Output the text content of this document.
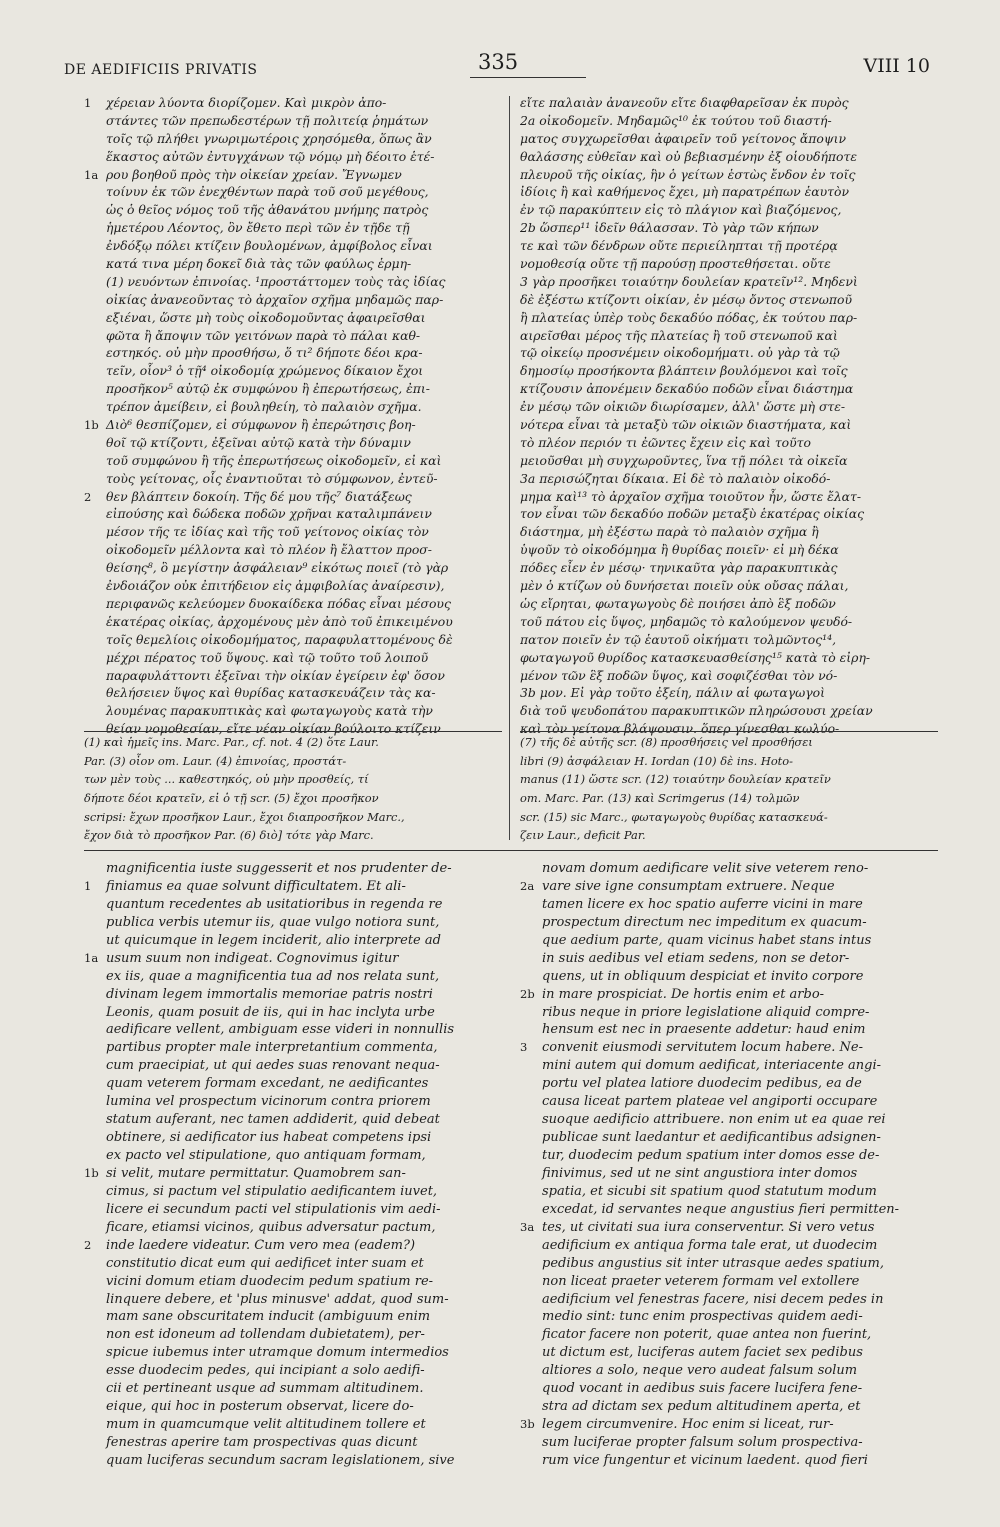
DE AEDIFICIIS PRIVATIS	335	VIII 10
1 χέρειαν λύοντα διορίζομεν. Καὶ μικρὸν ἀπο-
στάντες τῶν πρεπωδεστέρων τῇ πολιτείᾳ ῥημάτων
τοῖς τῷ πλήθει γνωριμωτέροις χρησόμεθα, ὅπως ἂν
ἕκαστος αὐτῶν ἐντυγχάνων τῷ νόμῳ μὴ δέοιτο ἑτέ-
1a ρου βοηθοῦ πρὸς τὴν οἰκείαν χρείαν. Ἔγνωμεν
τοίνυν ἐκ τῶν ἐνεχθέντων παρὰ τοῦ σοῦ μεγέθους,
ὡς ὁ θεῖος νόμος τοῦ τῆς ἀθανάτου μνήμης πατρὸς
ἡμετέρου Λέοντος, ὃν ἔθετο περὶ τῶν ἐν τῇδε τῇ
ἐνδόξῳ πόλει κτίζειν βουλομένων, ἀμφίβολος εἶναι
κατά τινα μέρη δοκεῖ διὰ τὰς τῶν φαύλως ἑρμη-
(1) νευόντων ἐπινοίας. ¹προστάττομεν τοὺς τὰς ἰδίας
οἰκίας ἀνανεοῦντας τὸ ἀρχαῖον σχῆμα μηδαμῶς παρ-
εξιέναι, ὥστε μὴ τοὺς οἰκοδομοῦντας ἀφαιρεῖσθαι
φῶτα ἢ ἄποψιν τῶν γειτόνων παρὰ τὸ πάλαι καθ-
εστηκός. οὐ μὴν προσθήσω, ὅ τι² δήποτε δέοι κρα-
τεῖν, οἷον³ ὁ τῇ⁴ οἰκοδομίᾳ χρώμενος δίκαιον ἔχοι
προσῆκον⁵ αὐτῷ ἐκ συμφώνου ἢ ἐπερωτήσεως, ἐπι-
τρέπον ἀμείβειν, εἰ βουληθείη, τὸ παλαιὸν σχῆμα.
1b Διὸ⁶ θεσπίζομεν, εἰ σύμφωνον ἢ ἐπερώτησις βοη-
θοῖ τῷ κτίζοντι, ἐξεῖναι αὐτῷ κατὰ τὴν δύναμιν
τοῦ συμφώνου ἢ τῆς ἐπερωτήσεως οἰκοδομεῖν, εἰ καὶ
τοὺς γείτονας, οἷς ἐναντιοῦται τὸ σύμφωνον, ἐντεῦ-
2 θεν βλάπτειν δοκοίη. Τῆς δέ μου τῆς⁷ διατάξεως
εἰπούσης καὶ δώδεκα ποδῶν χρῆναι καταλιμπάνειν
μέσον τῆς τε ἰδίας καὶ τῆς τοῦ γείτονος οἰκίας τὸν
οἰκοδομεῖν μέλλοντα καὶ τὸ πλέον ἢ ἔλαττον προσ-
θείσης⁸, ὃ μεγίστην ἀσφάλειαν⁹ εἰκότως ποιεῖ (τὸ γὰρ
ἐνδοιάζον οὐκ ἐπιτήδειον εἰς ἀμφιβολίας ἀναίρεσιν),
περιφανῶς κελεύομεν δυοκαίδεκα πόδας εἶναι μέσους
ἑκατέρας οἰκίας, ἀρχομένους μὲν ἀπὸ τοῦ ἐπικειμένου
τοῖς θεμελίοις οἰκοδομήματος, παραφυλαττομένους δὲ
μέχρι πέρατος τοῦ ὕψους. καὶ τῷ τοῦτο τοῦ λοιποῦ
παραφυλάττοντι ἐξεῖναι τὴν οἰκίαν ἐγείρειν ἐφ' ὅσον
θελήσειεν ὕψος καὶ θυρίδας κατασκευάζειν τὰς κα-
λουμένας παρακυπτικὰς καὶ φωταγωγοὺς κατὰ τὴν
θείαν νομοθεσίαν, εἴτε νέαν οἰκίαν βούλοιτο κτίζειν
εἴτε παλαιὰν ἀνανεοῦν εἴτε διαφθαρεῖσαν ἐκ πυρὸς
2a οἰκοδομεῖν. Μηδαμῶς¹⁰ ἐκ τούτου τοῦ διαστή-
ματος συγχωρεῖσθαι ἀφαιρεῖν τοῦ γείτονος ἄποψιν
θαλάσσης εὐθεῖαν καὶ οὐ βεβιασμένην ἐξ οἱουδήποτε
πλευροῦ τῆς οἰκίας, ἣν ὁ γείτων ἑστὼς ἔνδον ἐν τοῖς
ἰδίοις ἢ καὶ καθήμενος ἔχει, μὴ παρατρέπων ἑαυτὸν
ἐν τῷ παρακύπτειν εἰς τὸ πλάγιον καὶ βιαζόμενος,
2b ὥσπερ¹¹ ἰδεῖν θάλασσαν. Τὸ γὰρ τῶν κήπων
τε καὶ τῶν δένδρων οὔτε περιείληπται τῇ προτέρᾳ
νομοθεσίᾳ οὔτε τῇ παρούσῃ προστεθήσεται. οὔτε
3 γὰρ προσῆκει τοιαύτην δουλείαν κρατεῖν¹². Μηδενὶ
δὲ ἐξέστω κτίζοντι οἰκίαν, ἐν μέσῳ ὄντος στενωποῦ
ἢ πλατείας ὑπὲρ τοὺς δεκαδύο πόδας, ἐκ τούτου παρ-
αιρεῖσθαι μέρος τῆς πλατείας ἢ τοῦ στενωποῦ καὶ
τῷ οἰκείῳ προσνέμειν οἰκοδομήματι. οὐ γὰρ τὰ τῷ
δημοσίῳ προσήκοντα βλάπτειν βουλόμενοι καὶ τοῖς
κτίζουσιν ἀπονέμειν δεκαδύο ποδῶν εἶναι διάστημα
ἐν μέσῳ τῶν οἰκιῶν διωρίσαμεν, ἀλλ' ὥστε μὴ στε-
νότερα εἶναι τὰ μεταξὺ τῶν οἰκιῶν διαστήματα, καὶ
τὸ πλέον περιόν τι ἐῶντες ἔχειν εἰς καὶ τοῦτο
μειοῦσθαι μὴ συγχωροῦντες, ἵνα τῇ πόλει τὰ οἰκεῖα
3a περισώζηται δίκαια. Εἰ δὲ τὸ παλαιὸν οἰκοδό-
μημα καὶ¹³ τὸ ἀρχαῖον σχῆμα τοιοῦτον ἦν, ὥστε ἔλατ-
τον εἶναι τῶν δεκαδύο ποδῶν μεταξὺ ἑκατέρας οἰκίας
διάστημα, μὴ ἐξέστω παρὰ τὸ παλαιὸν σχῆμα ἢ
ὑψοῦν τὸ οἰκοδόμημα ἢ θυρίδας ποιεῖν· εἰ μὴ δέκα
πόδες εἶεν ἐν μέσῳ· τηνικαῦτα γὰρ παρακυπτικὰς
μὲν ὁ κτίζων οὐ δυνήσεται ποιεῖν οὐκ οὔσας πάλαι,
ὡς εἴρηται, φωταγωγοὺς δὲ ποιήσει ἀπὸ ἓξ ποδῶν
τοῦ πάτου εἰς ὕψος, μηδαμῶς τὸ καλούμενον ψευδό-
πατον ποιεῖν ἐν τῷ ἑαυτοῦ οἰκήματι τολμῶντος¹⁴,
φωταγωγοῦ θυρίδος κατασκευασθείσης¹⁵ κατὰ τὸ εἰρη-
μένον τῶν ἓξ ποδῶν ὕψος, καὶ σοφιζέσθαι τὸν νό-
3b μον. Εἰ γὰρ τοῦτο ἐξείη, πάλιν αἱ φωταγωγοὶ
διὰ τοῦ ψευδοπάτου παρακυπτικῶν πληρώσουσι χρείαν
καὶ τὸν γείτονα βλάψουσιν. ὅπερ γίνεσθαι κωλύο-
(1) καὶ ἡμεῖς ins. Marc. Par., cf. not. 4 (2) ὅτε Laur.
Par. (3) οἷον om. Laur. (4) ἐπινοίας, προστάτ-
των μὲν τοὺς ... καθεστηκός, οὐ μὴν προσθείς, τί
δήποτε δέοι κρατεῖν, εἰ ὁ τῇ scr. (5) ἔχοι προσῆκον
scripsi: ἔχων προσῆκον Laur., ἔχοι διαπροσῆκον Marc.,
ἔχον διὰ τὸ προσῆκον Par. (6) διὸ] τότε γὰρ Marc.
(7) τῆς δὲ αὐτῆς scr. (8) προσθήσεις vel προσθήσει
libri (9) ἀσφάλειαν H. Iordan (10) δὲ ins. Hoto-
manus (11) ὥστε scr. (12) τοιαύτην δουλείαν κρατεῖν
om. Marc. Par. (13) καὶ Scrimgerus (14) τολμῶν
scr. (15) sic Marc., φωταγωγοὺς θυρίδας κατασκευά-
ζειν Laur., deficit Par.
magnificentia iuste suggesserit et nos prudenter de-
1 finiamus ea quae solvunt difficultatem. Et ali-
quantum recedentes ab usitatioribus in regenda re
publica verbis utemur iis, quae vulgo notiora sunt,
ut quicumque in legem inciderit, alio interprete ad
1a usum suum non indigeat. Cognovimus igitur
ex iis, quae a magnificentia tua ad nos relata sunt,
divinam legem immortalis memoriae patris nostri
Leonis, quam posuit de iis, qui in hac inclyta urbe
aedificare vellent, ambiguam esse videri in nonnullis
partibus propter male interpretantium commenta,
cum praecipiat, ut qui aedes suas renovant nequa-
quam veterem formam excedant, ne aedificantes
lumina vel prospectum vicinorum contra priorem
statum auferant, nec tamen addiderit, quid debeat
obtinere, si aedificator ius habeat competens ipsi
ex pacto vel stipulatione, quo antiquam formam,
1b si velit, mutare permittatur. Quamobrem san-
cimus, si pactum vel stipulatio aedificantem iuvet,
licere ei secundum pacti vel stipulationis vim aedi-
ficare, etiamsi vicinos, quibus adversatur pactum,
2 inde laedere videatur. Cum vero mea (eadem?)
constitutio dicat eum qui aedificet inter suam et
vicini domum etiam duodecim pedum spatium re-
linquere debere, et 'plus minusve' addat, quod sum-
mam sane obscuritatem inducit (ambiguum enim
non est idoneum ad tollendam dubietatem), per-
spicue iubemus inter utramque domum intermedios
esse duodecim pedes, qui incipiant a solo aedifi-
cii et pertineant usque ad summam altitudinem.
eique, qui hoc in posterum observat, licere do-
mum in quamcumque velit altitudinem tollere et
fenestras aperire tam prospectivas quas dicunt
quam luciferas secundum sacram legislationem, sive
novam domum aedificare velit sive veterem reno-
2a vare sive igne consumptam extruere. Neque
tamen licere ex hoc spatio auferre vicini in mare
prospectum directum nec impeditum ex quacum-
que aedium parte, quam vicinus habet stans intus
in suis aedibus vel etiam sedens, non se detor-
quens, ut in obliquum despiciat et invito corpore
2b in mare prospiciat. De hortis enim et arbo-
ribus neque in priore legislatione aliquid compre-
hensum est nec in praesente addetur: haud enim
3 convenit eiusmodi servitutem locum habere. Ne-
mini autem qui domum aedificat, interiacente angi-
portu vel platea latiore duodecim pedibus, ea de
causa liceat partem plateae vel angiporti occupare
suoque aedificio attribuere. non enim ut ea quae rei
publicae sunt laedantur et aedificantibus adsignen-
tur, duodecim pedum spatium inter domos esse de-
finivimus, sed ut ne sint angustiora inter domos
spatia, et sicubi sit spatium quod statutum modum
excedat, id servantes neque angustius fieri permitten-
3a tes, ut civitati sua iura conserventur. Si vero vetus
aedificium ex antiqua forma tale erat, ut duodecim
pedibus angustius sit inter utrasque aedes spatium,
non liceat praeter veterem formam vel extollere
aedificium vel fenestras facere, nisi decem pedes in
medio sint: tunc enim prospectivas quidem aedi-
ficator facere non poterit, quae antea non fuerint,
ut dictum est, luciferas autem faciet sex pedibus
altiores a solo, neque vero audeat falsum solum
quod vocant in aedibus suis facere lucifera fene-
stra ad dictam sex pedum altitudinem aperta, et
3b legem circumvenire. Hoc enim si liceat, rur-
sum luciferae propter falsum solum prospectiva-
rum vice fungentur et vicinum laedent. quod fieri
